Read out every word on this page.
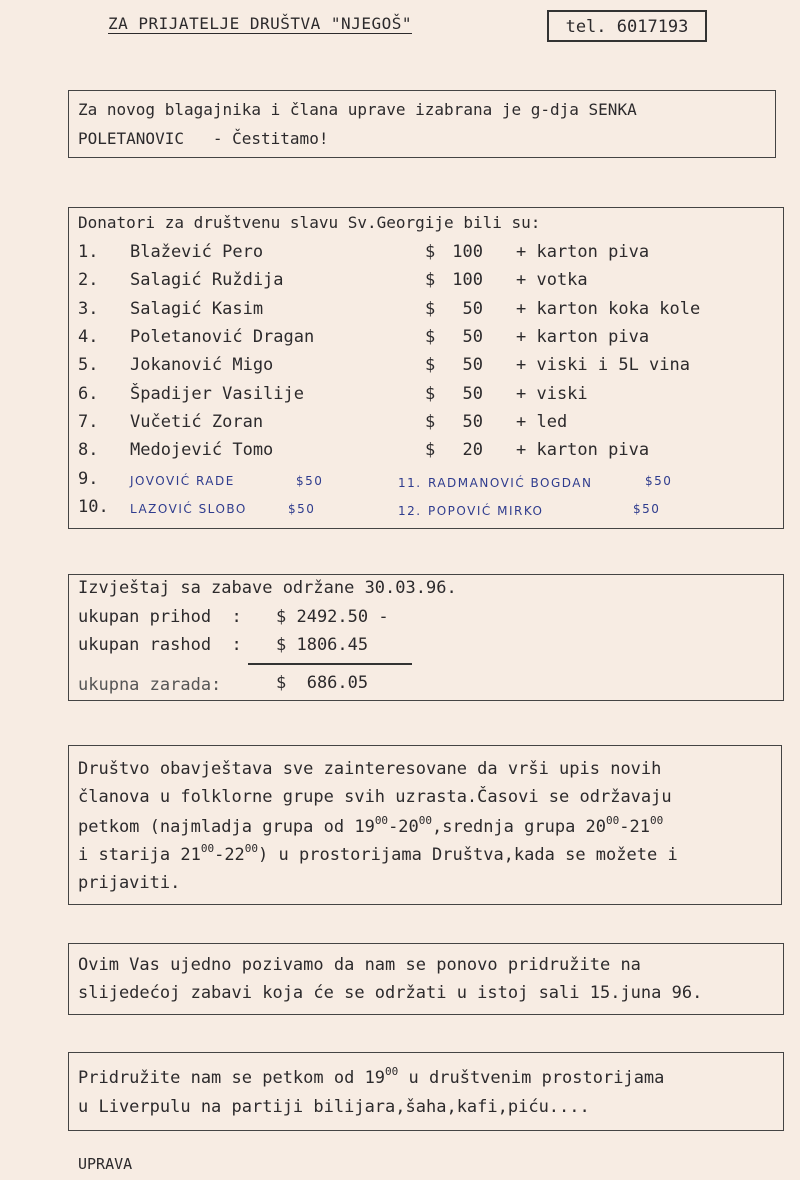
ZA PRIJATELJE DRUŠTVA "NJEGOŠ"	tel. 6017193
Za novog blagajnika i člana uprave izabrana je g-dja SENKA
POLETANOVIC   - Čestitamo!
Donatori za društvenu slavu Sv.Georgije bili su:
1. Blažević Pero	$	100 + karton piva
2. Salagić Ruždija	$	100 + votka
3. Salagić Kasim	$	50 + karton koka kole
4. Poletanović Dragan	$	50 + karton piva
5. Jokanović Migo	$	50 + viski i 5L vina
6. Špadijer Vasilije	$	50 + viski
7. Vučetić Zoran	$	50 + led
8. Medojević Tomo	$	20 + karton piva
9.	JOVOVIĆ RADE	$50	11. RADMANOVIĆ BOGDAN	$50
10. LAZOVIĆ SLOBO	$50	12. POPOVIĆ MIRKO	$50
Izvještaj sa zabave održane 30.03.96.
ukupan prihod  : $ 2492.50 -
ukupan rashod  : $ 1806.45
ukupna zarada:	$  686.05
Društvo obavještava sve zainteresovane da vrši upis novih
članova u folklorne grupe svih uzrasta.Časovi se održavaju
petkom (najmladja grupa od $19^{00}-20^{00},srednja$ grupa $20^{00}-21^{00}$
i starija $21^{00}-22^{00}$) u prostorijama Društva,kada se možete i
prijaviti.
Ovim Vas ujedno pozivamo da nam se ponovo pridružite na
slijedećoj zabavi koja će se održati u istoj sali 15.juna 96.
Pridružite nam se petkom od $19^{00}$ u društvenim prostorijama
u Liverpulu na partiji bilijara,šaha,kafi,piću....
UPRAVA
